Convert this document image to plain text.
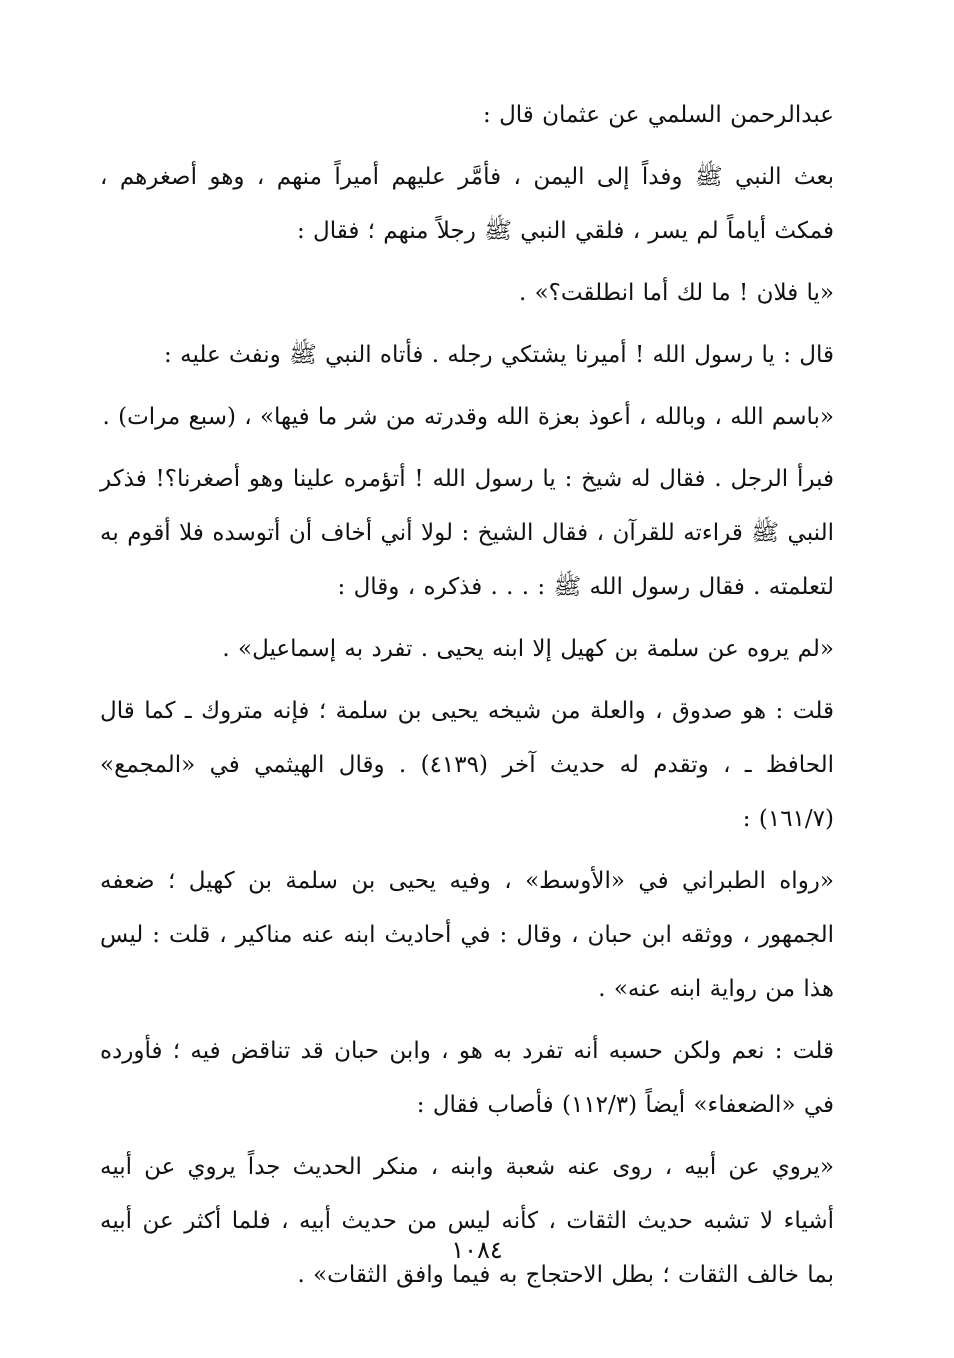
عبدالرحمن السلمي عن عثمان قال :

بعث النبي ﷺ وفداً إلى اليمن ، فأمَّر عليهم أميراً منهم ، وهو أصغرهم ، فمكث أياماً لم يسر ، فلقي النبي ﷺ رجلاً منهم ؛ فقال :

«يا فلان ! ما لك أما انطلقت؟» .

قال : يا رسول الله ! أميرنا يشتكي رجله . فأتاه النبي ﷺ ونفث عليه :

«باسم الله ، وبالله ، أعوذ بعزة الله وقدرته من شر ما فيها» ، (سبع مرات) .

فبرأ الرجل . فقال له شيخ : يا رسول الله ! أتؤمره علينا وهو أصغرنا؟! فذكر النبي ﷺ قراءته للقرآن ، فقال الشيخ : لولا أني أخاف أن أتوسده فلا أقوم به لتعلمته . فقال رسول الله ﷺ : . . . فذكره ، وقال :

«لم يروه عن سلمة بن كهيل إلا ابنه يحيى . تفرد به إسماعيل» .

قلت : هو صدوق ، والعلة من شيخه يحيى بن سلمة ؛ فإنه متروك ـ كما قال الحافظ ـ ، وتقدم له حديث آخر (٤١٣٩) . وقال الهيثمي في «المجمع» (١٦١/٧) :

«رواه الطبراني في «الأوسط» ، وفيه يحيى بن سلمة بن كهيل ؛ ضعفه الجمهور ، ووثقه ابن حبان ، وقال : في أحاديث ابنه عنه مناكير ، قلت : ليس هذا من رواية ابنه عنه» .

قلت : نعم ولكن حسبه أنه تفرد به هو ، وابن حبان قد تناقض فيه ؛ فأورده في «الضعفاء» أيضاً (١١٢/٣) فأصاب فقال :

«يروي عن أبيه ، روى عنه شعبة وابنه ، منكر الحديث جداً يروي عن أبيه أشياء لا تشبه حديث الثقات ، كأنه ليس من حديث أبيه ، فلما أكثر عن أبيه بما خالف الثقات ؛ بطل الاحتجاج به فيما وافق الثقات» .

١٠٨٤
